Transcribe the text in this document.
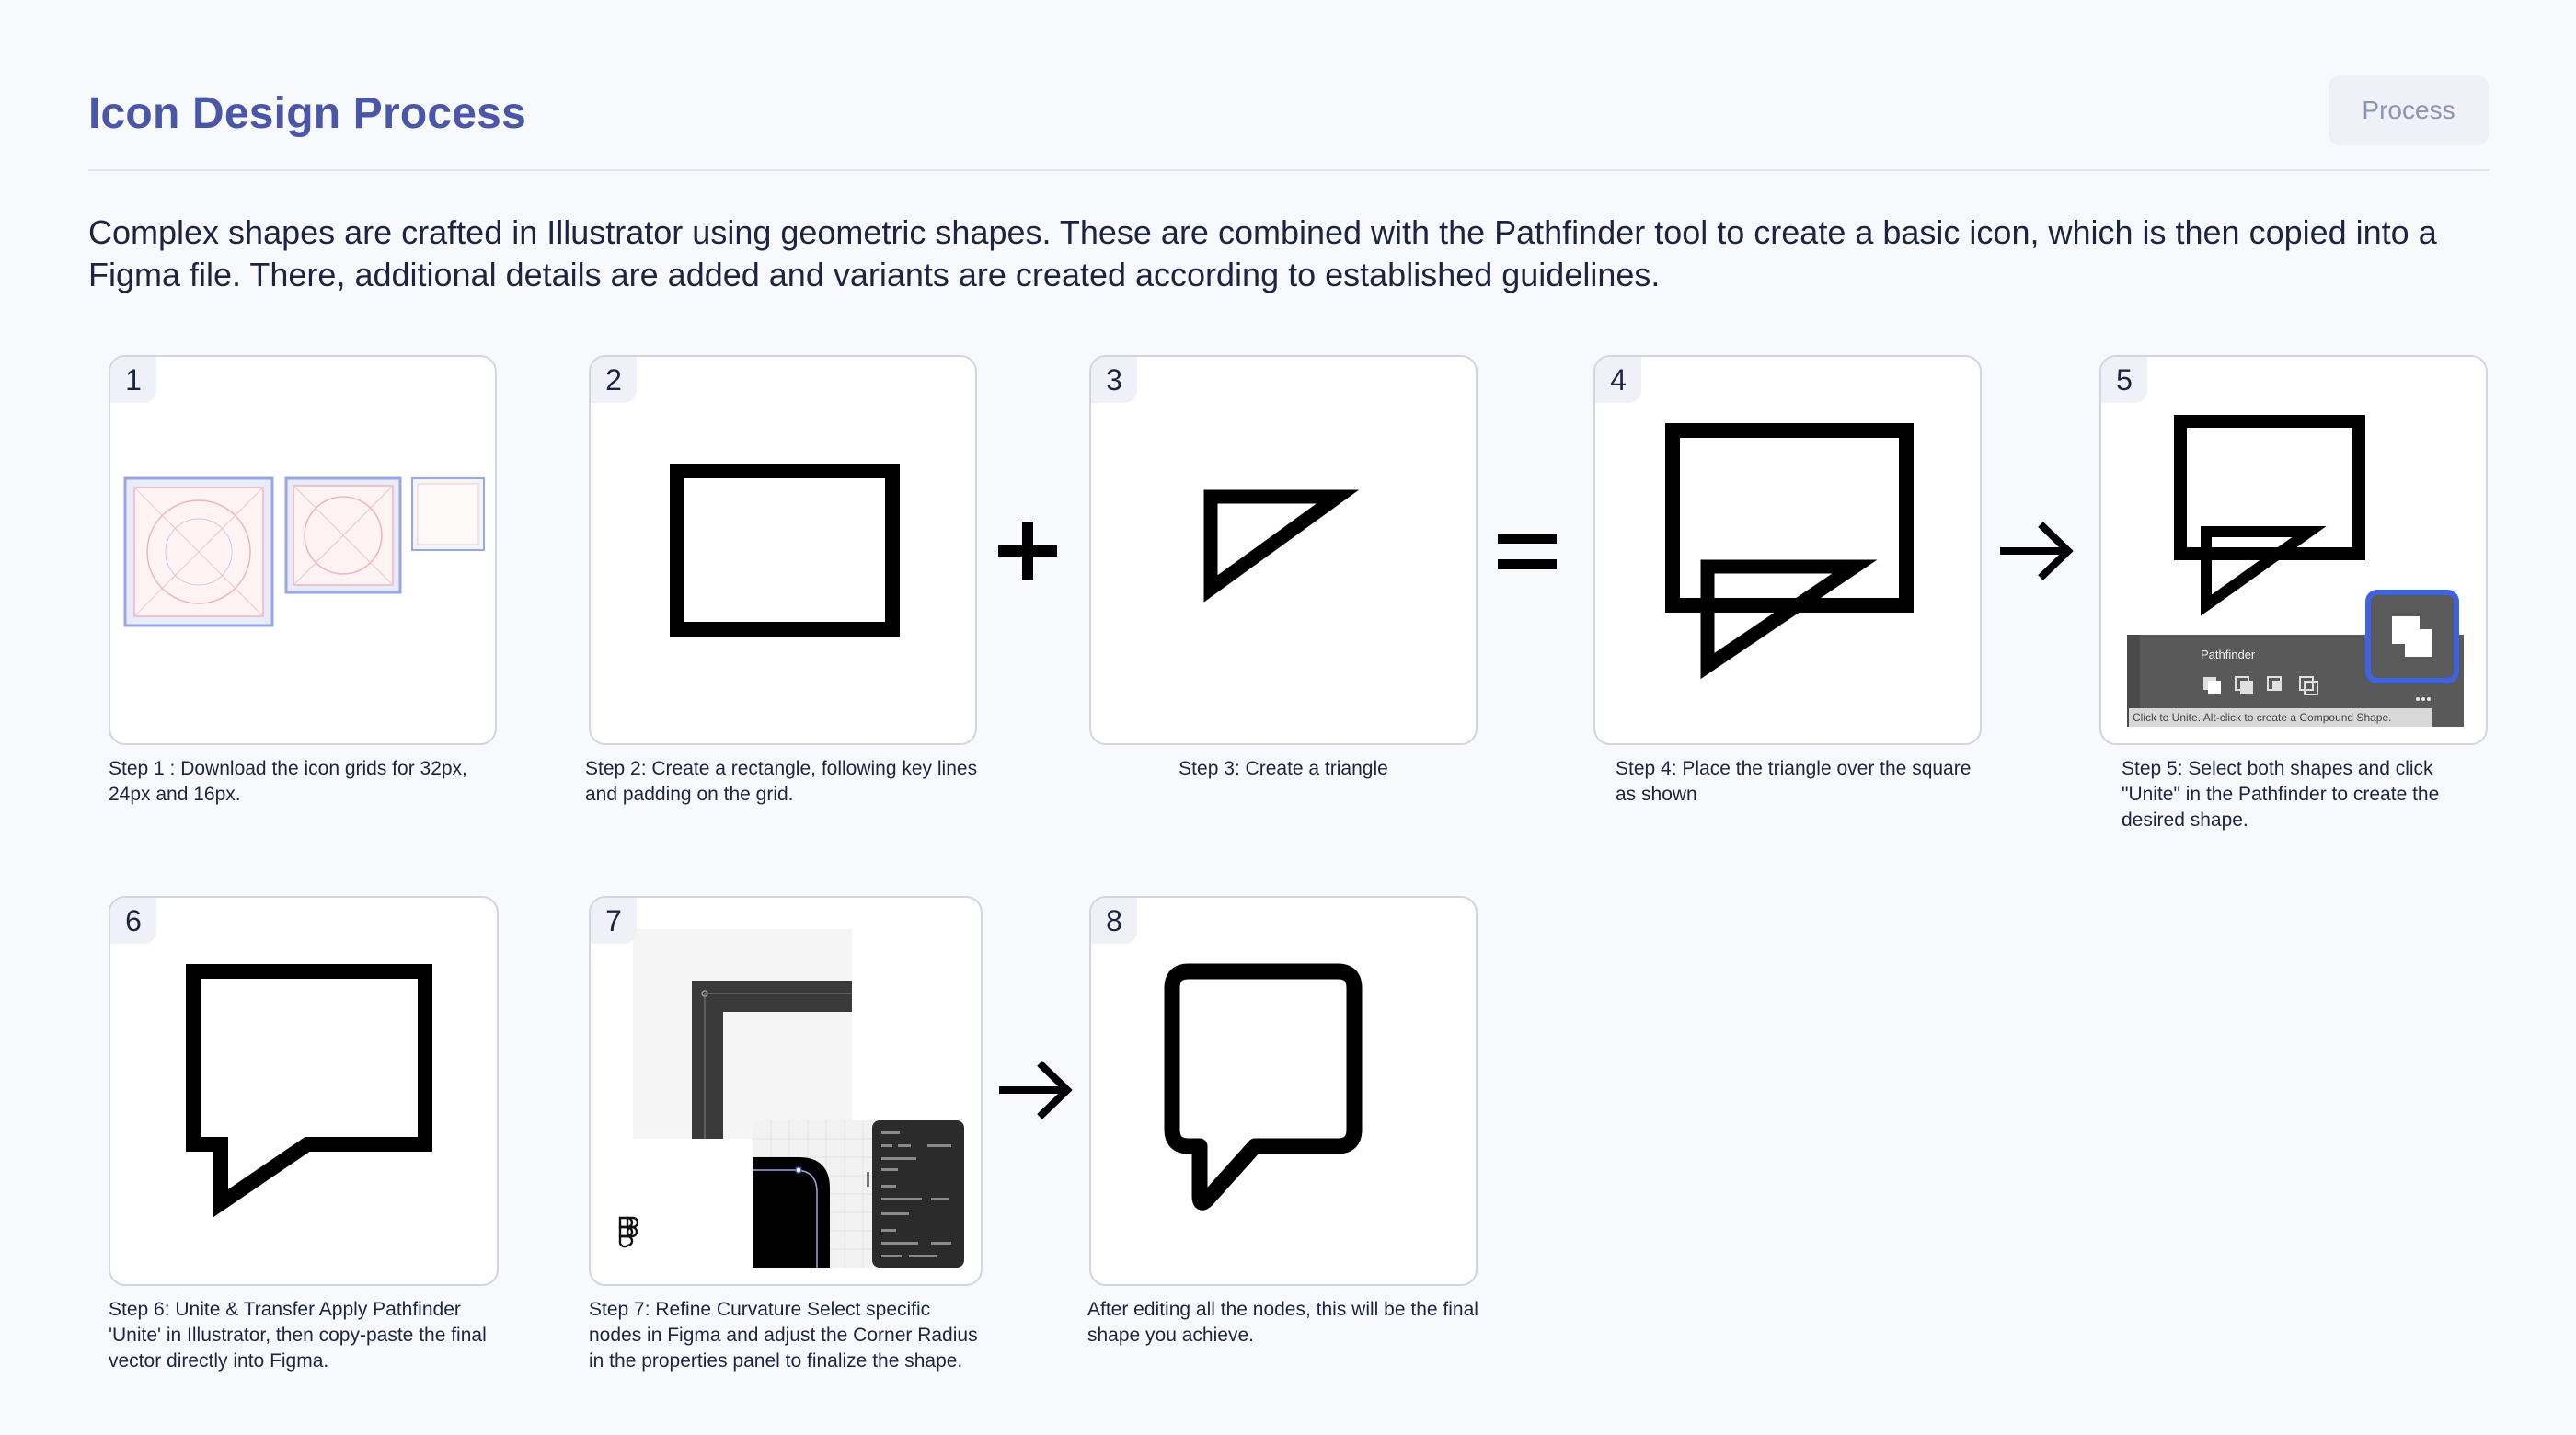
Icon Design Process	Process
Complex shapes are crafted in Illustrator using geometric shapes. These are combined with the Pathfinder tool to create a basic icon, which is then copied into a Figma file. There, additional details are added and variants are created according to established guidelines.
1
Step 1 : Download the icon grids for 32px, 24px and 16px.
2
Step 2: Create a rectangle, following key lines and padding on the grid.
3
Step 3: Create a triangle
4
Step 4: Place the triangle over the square as shown
5
Pathfinder
Click to Unite. Alt-click to create a Compound Shape.
Step 5: Select both shapes and click "Unite" in the Pathfinder to create the desired shape.
6
Step 6: Unite & Transfer Apply Pathfinder 'Unite' in Illustrator, then copy-paste the final vector directly into Figma.
7
Step 7: Refine Curvature Select specific nodes in Figma and adjust the Corner Radius in the properties panel to finalize the shape.
8
After editing all the nodes, this will be the final shape you achieve.
